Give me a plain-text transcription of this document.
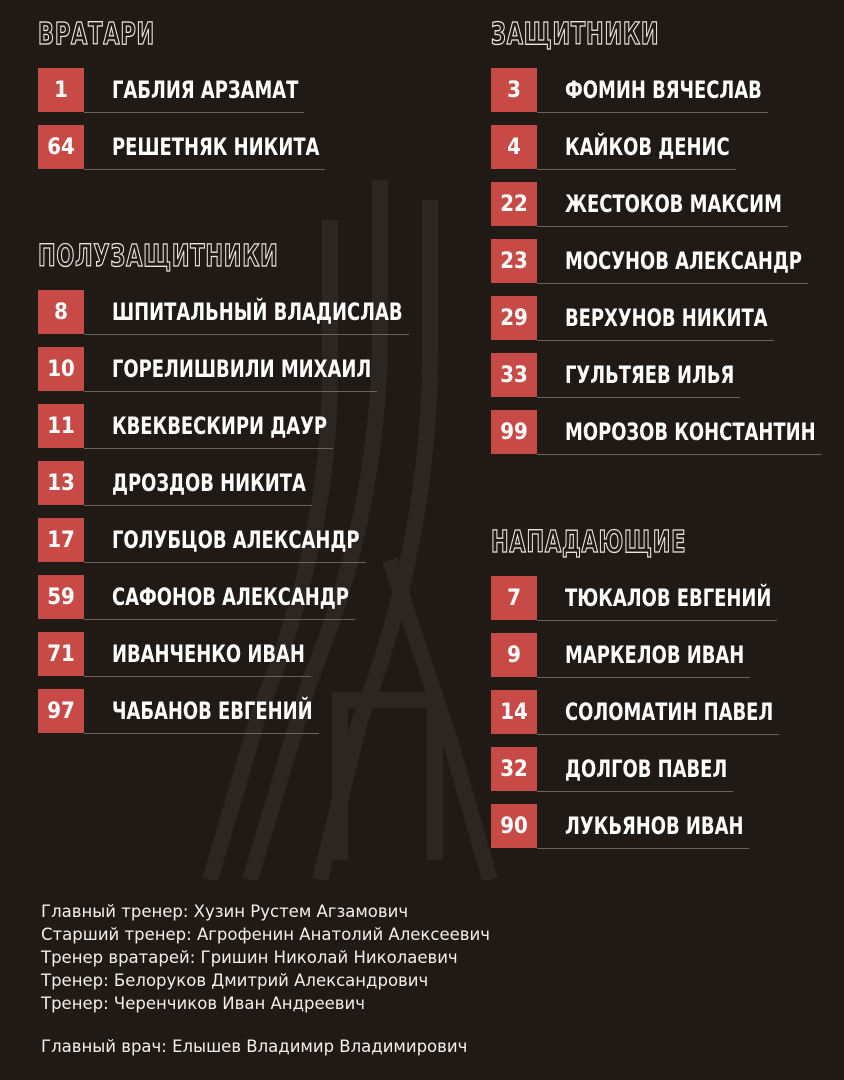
ВРАТАРИ
1	ГАБЛИЯ АРЗАМАТ
64	РЕШЕТНЯК НИКИТА
ПОЛУЗАЩИТНИКИ
8	ШПИТАЛЬНЫЙ ВЛАДИСЛАВ
10	ГОРЕЛИШВИЛИ МИХАИЛ
11	КВЕКВЕСКИРИ ДАУР
13	ДРОЗДОВ НИКИТА
17	ГОЛУБЦОВ АЛЕКСАНДР
59	САФОНОВ АЛЕКСАНДР
71	ИВАНЧЕНКО ИВАН
97	ЧАБАНОВ ЕВГЕНИЙ
ЗАЩИТНИКИ
3	ФОМИН ВЯЧЕСЛАВ
4	КАЙКОВ ДЕНИС
22	ЖЕСТОКОВ МАКСИМ
23	МОСУНОВ АЛЕКСАНДР
29	ВЕРХУНОВ НИКИТА
33	ГУЛЬТЯЕВ ИЛЬЯ
99	МОРОЗОВ КОНСТАНТИН
НАПАДАЮЩИЕ
7	ТЮКАЛОВ ЕВГЕНИЙ
9	МАРКЕЛОВ ИВАН
14	СОЛОМАТИН ПАВЕЛ
32	ДОЛГОВ ПАВЕЛ
90	ЛУКЬЯНОВ ИВАН
Главный тренер: Хузин Рустем Агзамович
Старший тренер: Агрофенин Анатолий Алексеевич
Тренер вратарей: Гришин Николай Николаевич
Тренер: Белоруков Дмитрий Александрович
Тренер: Черенчиков Иван Андреевич
Главный врач: Елышев Владимир Владимирович
